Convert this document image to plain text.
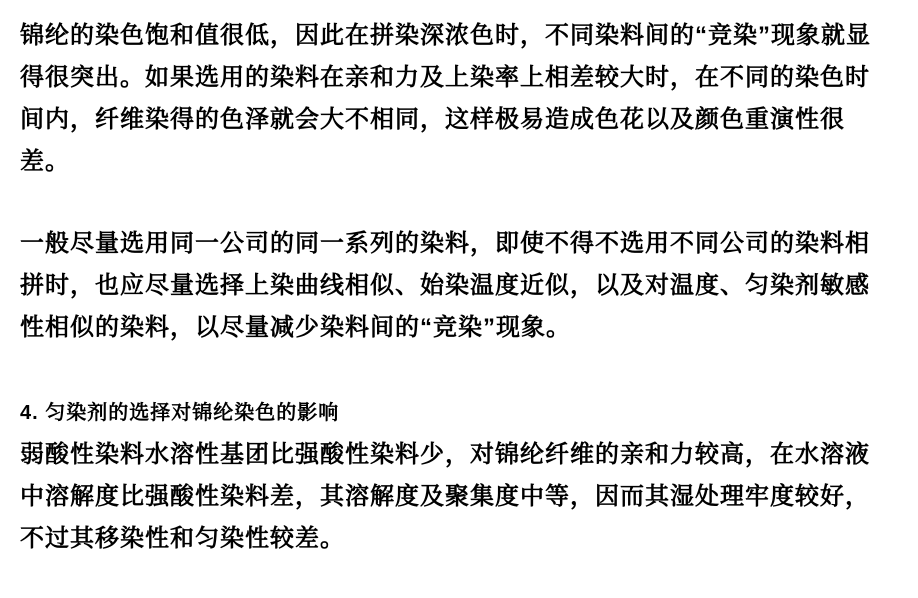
锦纶的染色饱和值很低，因此在拼染深浓色时，不同染料间的“竞染”现象就显
得很突出。如果选用的染料在亲和力及上染率上相差较大时，在不同的染色时
间内，纤维染得的色泽就会大不相同，这样极易造成色花以及颜色重演性很
差。

一般尽量选用同一公司的同一系列的染料，即使不得不选用不同公司的染料相
拼时，也应尽量选择上染曲线相似、始染温度近似，以及对温度、匀染剂敏感
性相似的染料，以尽量减少染料间的“竞染”现象。

4. 匀染剂的选择对锦纶染色的影响

弱酸性染料水溶性基团比强酸性染料少，对锦纶纤维的亲和力较高，在水溶液
中溶解度比强酸性染料差，其溶解度及聚集度中等，因而其湿处理牢度较好，
不过其移染性和匀染性较差。
